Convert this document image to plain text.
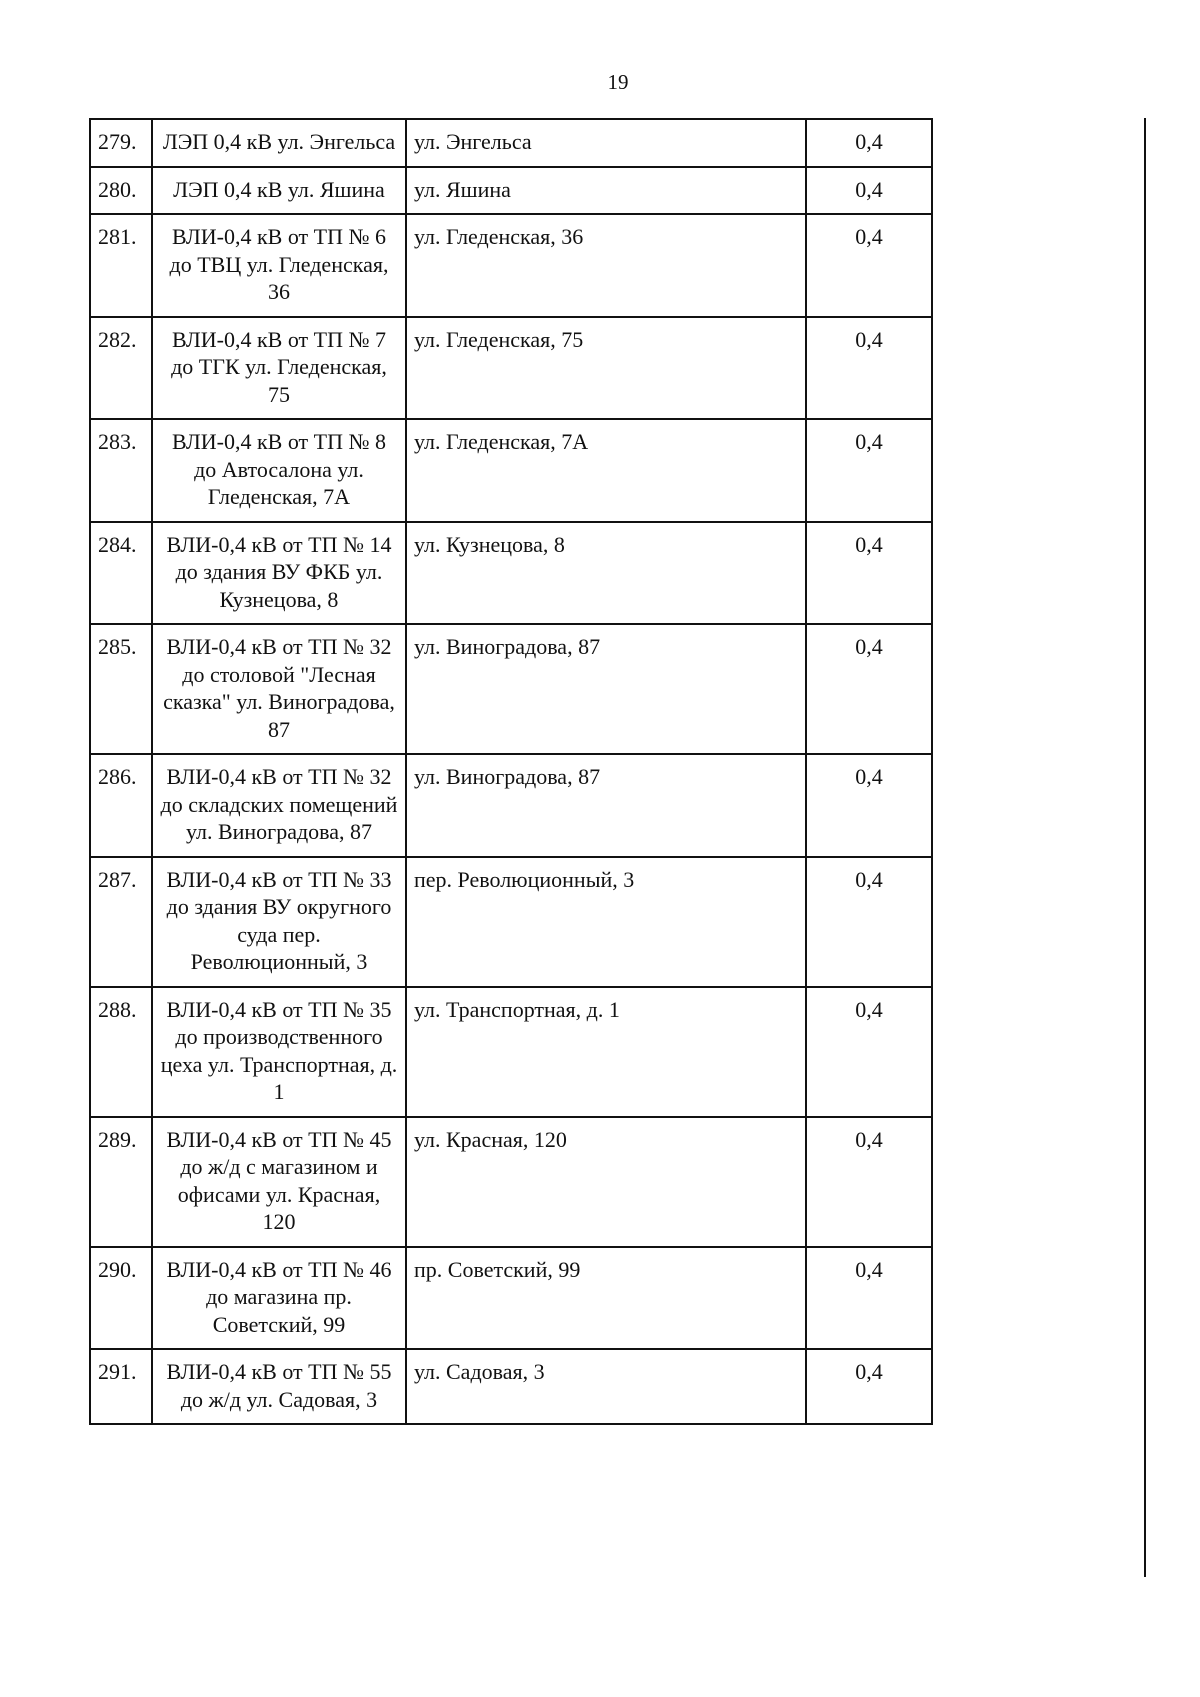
19
279.	ЛЭП 0,4 кВ ул. Энгельса	ул. Энгельса	0,4
280.	ЛЭП 0,4 кВ ул. Яшина	ул. Яшина	0,4
281.	ВЛИ-0,4 кВ от ТП № 6 до ТВЦ ул. Гледенская, 36	ул. Гледенская, 36	0,4
282.	ВЛИ-0,4 кВ от ТП № 7 до ТГК ул. Гледенская, 75	ул. Гледенская, 75	0,4
283.	ВЛИ-0,4 кВ от ТП № 8 до Автосалона ул. Гледенская, 7А	ул. Гледенская, 7А	0,4
284.	ВЛИ-0,4 кВ от ТП № 14 до здания ВУ ФКБ ул. Кузнецова, 8	ул. Кузнецова, 8	0,4
285.	ВЛИ-0,4 кВ от ТП № 32 до столовой "Лесная сказка" ул. Виноградова, 87	ул. Виноградова, 87	0,4
286.	ВЛИ-0,4 кВ от ТП № 32 до складских помещений ул. Виноградова, 87	ул. Виноградова, 87	0,4
287.	ВЛИ-0,4 кВ от ТП № 33 до здания ВУ округного суда пер. Революционный, 3	пер. Революционный, 3	0,4
288.	ВЛИ-0,4 кВ от ТП № 35 до производственного цеха ул. Транспортная, д. 1	ул. Транспортная, д. 1	0,4
289.	ВЛИ-0,4 кВ от ТП № 45 до ж/д с магазином и офисами ул. Красная, 120	ул. Красная, 120	0,4
290.	ВЛИ-0,4 кВ от ТП № 46 до магазина пр. Советский, 99	пр. Советский, 99	0,4
291.	ВЛИ-0,4 кВ от ТП № 55 до ж/д ул. Садовая, 3	ул. Садовая, 3	0,4
